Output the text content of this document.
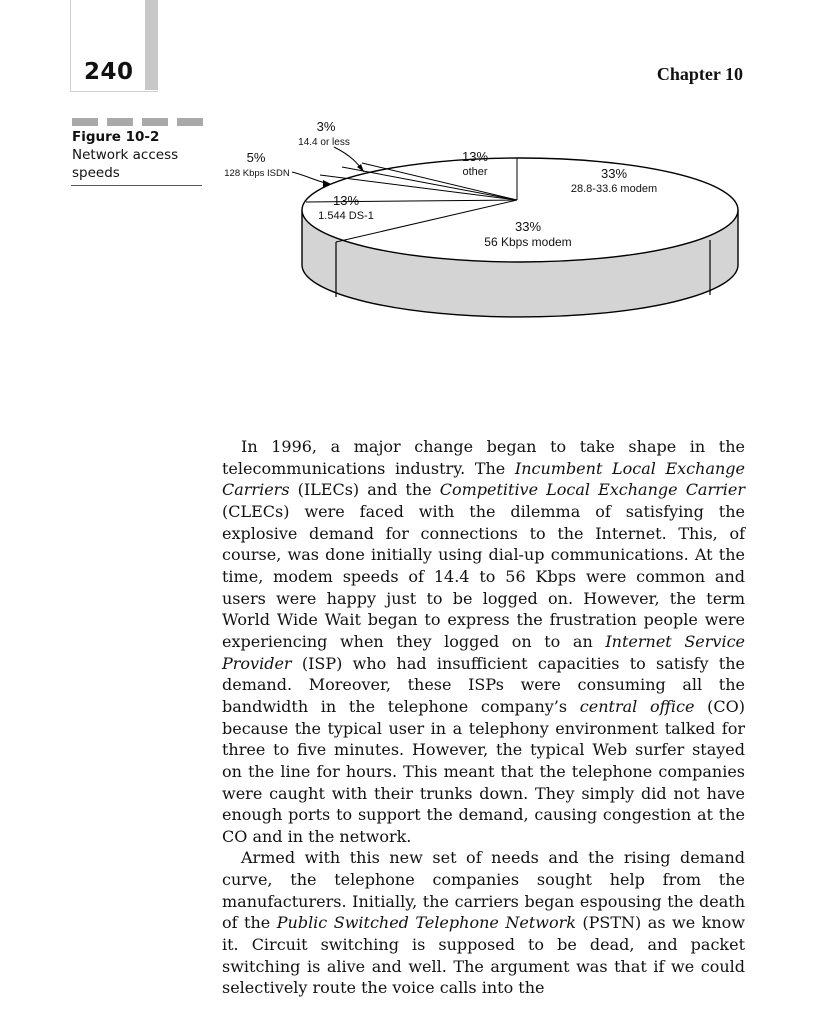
240	Chapter 10
Figure 10-2
Network access speeds
3%
14.4 or less
5%
128 Kbps ISDN
13%
other	33%
28.8-33.6 modem
13%
1.544 DS-1
33%
56 Kbps modem

In 1996, a major change began to take shape in the telecommunications industry. The Incumbent Local Exchange Carriers (ILECs) and the Competitive Local Exchange Carrier (CLECs) were faced with the dilemma of satisfying the explosive demand for connections to the Internet. This, of course, was done initially using dial-up communications. At the time, modem speeds of 14.4 to 56 Kbps were common and users were happy just to be logged on. However, the term World Wide Wait began to express the frustration people were experiencing when they logged on to an Internet Service Provider (ISP) who had insufficient capacities to satisfy the demand. Moreover, these ISPs were consuming all the bandwidth in the telephone company’s central office (CO) because the typical user in a telephony environment talked for three to five minutes. However, the typical Web surfer stayed on the line for hours. This meant that the telephone companies were caught with their trunks down. They simply did not have enough ports to support the demand, causing congestion at the CO and in the network.

Armed with this new set of needs and the rising demand curve, the telephone companies sought help from the manufacturers. Initially, the carriers began espousing the death of the Public Switched Telephone Network (PSTN) as we know it. Circuit switching is supposed to be dead, and packet switching is alive and well. The argument was that if we could selectively route the voice calls into the
